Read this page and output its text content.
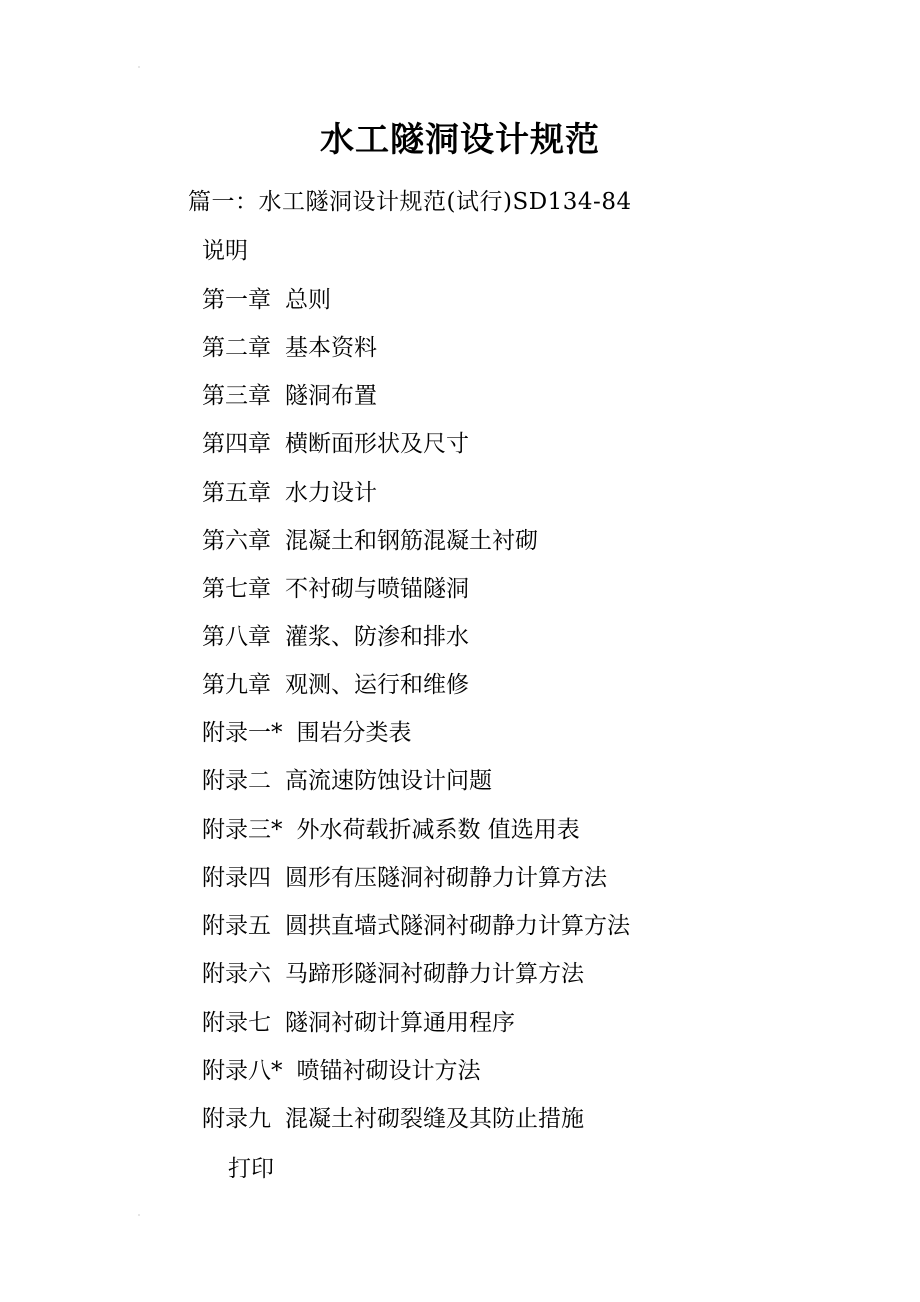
水工隧洞设计规范
篇一：水工隧洞设计规范(试行)SD134-84
说明
第一章 总则
第二章 基本资料
第三章 隧洞布置
第四章 横断面形状及尺寸
第五章 水力设计
第六章 混凝土和钢筋混凝土衬砌
第七章 不衬砌与喷锚隧洞
第八章 灌浆、防渗和排水
第九章 观测、运行和维修
附录一* 围岩分类表
附录二 高流速防蚀设计问题
附录三* 外水荷载折减系数 值选用表
附录四 圆形有压隧洞衬砌静力计算方法
附录五 圆拱直墙式隧洞衬砌静力计算方法
附录六 马蹄形隧洞衬砌静力计算方法
附录七 隧洞衬砌计算通用程序
附录八* 喷锚衬砌设计方法
附录九 混凝土衬砌裂缝及其防止措施
打印
